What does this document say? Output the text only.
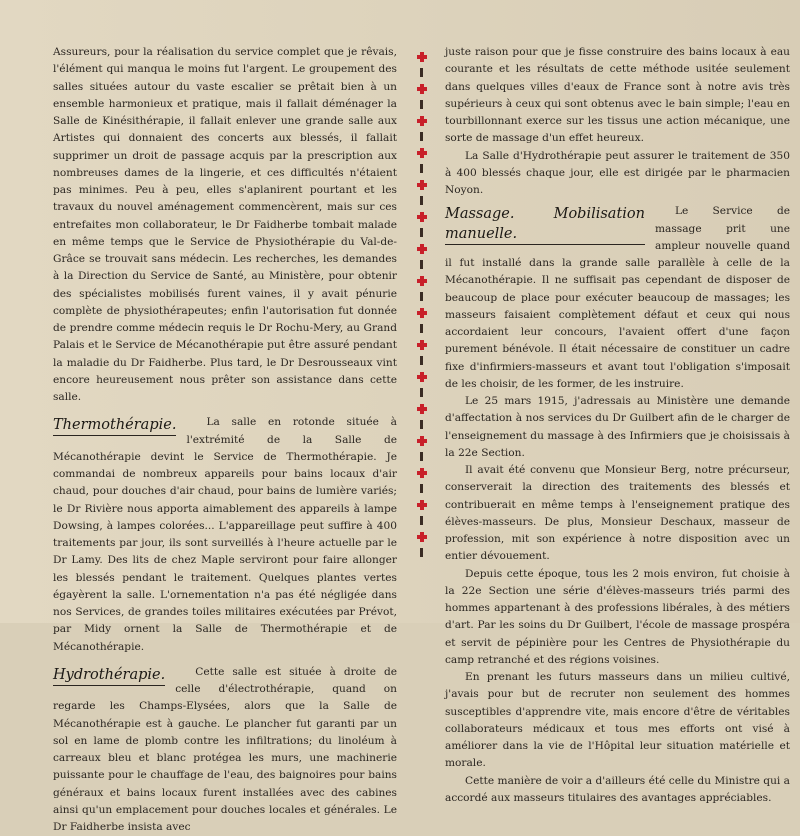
Assureurs, pour la réalisation du service complet que je rêvais, l'élément qui manqua le moins fut l'argent. Le groupement des salles situées autour du vaste escalier se prêtait bien à un ensemble harmonieux et pratique, mais il fallait déménager la Salle de Kinésithérapie, il fallait enlever une grande salle aux Artistes qui donnaient des concerts aux blessés, il fallait supprimer un droit de passage acquis par la prescription aux nombreuses dames de la lingerie, et ces difficultés n'étaient pas minimes. Peu à peu, elles s'aplanirent pourtant et les travaux du nouvel aménagement commencèrent, mais sur ces entrefaites mon collaborateur, le Dr Faidherbe tombait malade en même temps que le Service de Physiothérapie du Val-de-Grâce se trouvait sans médecin. Les recherches, les demandes à la Direction du Service de Santé, au Ministère, pour obtenir des spécialistes mobilisés furent vaines, il y avait pénurie complète de physiothérapeutes; enfin l'autorisation fut donnée de prendre comme médecin requis le Dr Rochu-Mery, au Grand Palais et le Service de Mécanothérapie put être assuré pendant la maladie du Dr Faidherbe. Plus tard, le Dr Desrousseaux vint encore heureusement nous prêter son assistance dans cette salle.

Thermothérapie.	La salle en rotonde située à l'extrémité de la Salle de Mécanothérapie devint le Service de Thermothérapie. Je commandai de nombreux appareils pour bains locaux d'air chaud, pour douches d'air chaud, pour bains de lumière variés; le Dr Rivière nous apporta aimablement des appareils à lampe Dowsing, à lampes colorées... L'appareillage peut suffire à 400 traitements par jour, ils sont surveillés à l'heure actuelle par le Dr Lamy. Des lits de chez Maple serviront pour faire allonger les blessés pendant le traitement. Quelques plantes vertes égayèrent la salle. L'ornementation n'a pas été négligée dans nos Services, de grandes toiles militaires exécutées par Prévot, par Midy ornent la Salle de Thermothérapie et de Mécanothérapie.

Hydrothérapie.	Cette salle est située à droite de celle d'électrothérapie, quand on regarde les Champs-Elysées, alors que la Salle de Mécanothérapie est à gauche. Le plancher fut garanti par un sol en lame de plomb contre les infiltrations; du linoléum à carreaux bleu et blanc protégea les murs, une machinerie puissante pour le chauffage de l'eau, des baignoires pour bains généraux et bains locaux furent installées avec des cabines ainsi qu'un emplacement pour douches locales et générales. Le Dr Faidherbe insista avec

juste raison pour que je fisse construire des bains locaux à eau courante et les résultats de cette méthode usitée seulement dans quelques villes d'eaux de France sont à notre avis très supérieurs à ceux qui sont obtenus avec le bain simple; l'eau en tourbillonnant exerce sur les tissus une action mécanique, une sorte de massage d'un effet heureux.

La Salle d'Hydrothérapie peut assurer le traitement de 350 à 400 blessés chaque jour, elle est dirigée par le pharmacien Noyon.

Massage. Mobilisation manuelle.

Le Service de massage prit une ampleur nouvelle quand il fut installé dans la grande salle parallèle à celle de la Mécanothérapie. Il ne suffisait pas cependant de disposer de beaucoup de place pour exécuter beaucoup de massages; les masseurs faisaient complètement défaut et ceux qui nous accordaient leur concours, l'avaient offert d'une façon purement bénévole. Il était nécessaire de constituer un cadre fixe d'infirmiers-masseurs et avant tout l'obligation s'imposait de les choisir, de les former, de les instruire.

Le 25 mars 1915, j'adressais au Ministère une demande d'affectation à nos services du Dr Guilbert afin de le charger de l'enseignement du massage à des Infirmiers que je choisissais à la 22e Section.

Il avait été convenu que Monsieur Berg, notre précurseur, conserverait la direction des traitements des blessés et contribuerait en même temps à l'enseignement pratique des élèves-masseurs. De plus, Monsieur Deschaux, masseur de profession, mit son expérience à notre disposition avec un entier dévouement.

Depuis cette époque, tous les 2 mois environ, fut choisie à la 22e Section une série d'élèves-masseurs triés parmi des hommes appartenant à des professions libérales, à des métiers d'art. Par les soins du Dr Guilbert, l'école de massage prospéra et servit de pépinière pour les Centres de Physiothérapie du camp retranché et des régions voisines.

En prenant les futurs masseurs dans un milieu cultivé, j'avais pour but de recruter non seulement des hommes susceptibles d'apprendre vite, mais encore d'être de véritables collaborateurs médicaux et tous mes efforts ont visé à améliorer dans la vie de l'Hôpital leur situation matérielle et morale.

Cette manière de voir a d'ailleurs été celle du Ministre qui a accordé aux masseurs titulaires des avantages appréciables.
